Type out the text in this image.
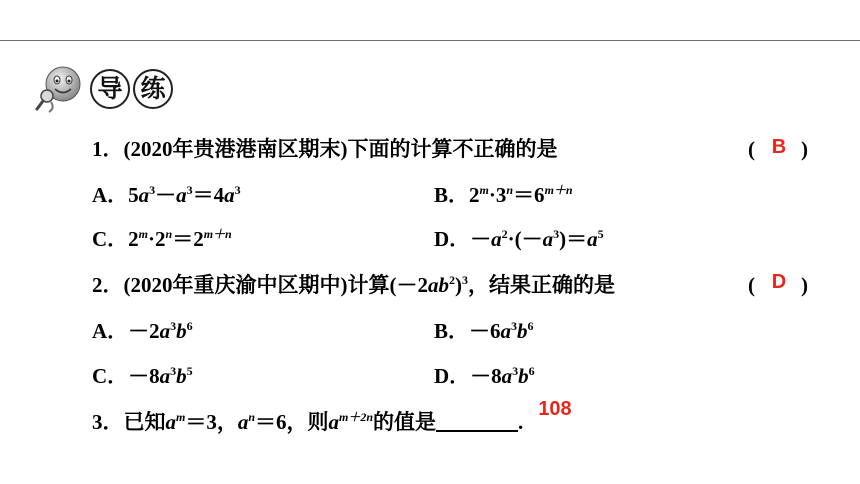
导 练
1．(2020年贵港港南区期末)下面的计算不正确的是	( )
B
A．$5a^3-a^3=4a^3$	B．$2^m\cdot 3^n=6^{m+n}$
C．$2^m\cdot 2^n=2^{m+n}$	D．$-a^2\cdot(-a^3)=a^5$
2．(2020年重庆渝中区期中)计算$(-2ab^2)^3$，结果正确的是	( )
D
A．$-2a^3b^6$	B．$-6a^3b^6$
C．$-8a^3b^5$	D．$-8a^3b^6$
3．已知$a^m=3$，$a^n=6$，则$a^{m+2n}$的值是	.
108
